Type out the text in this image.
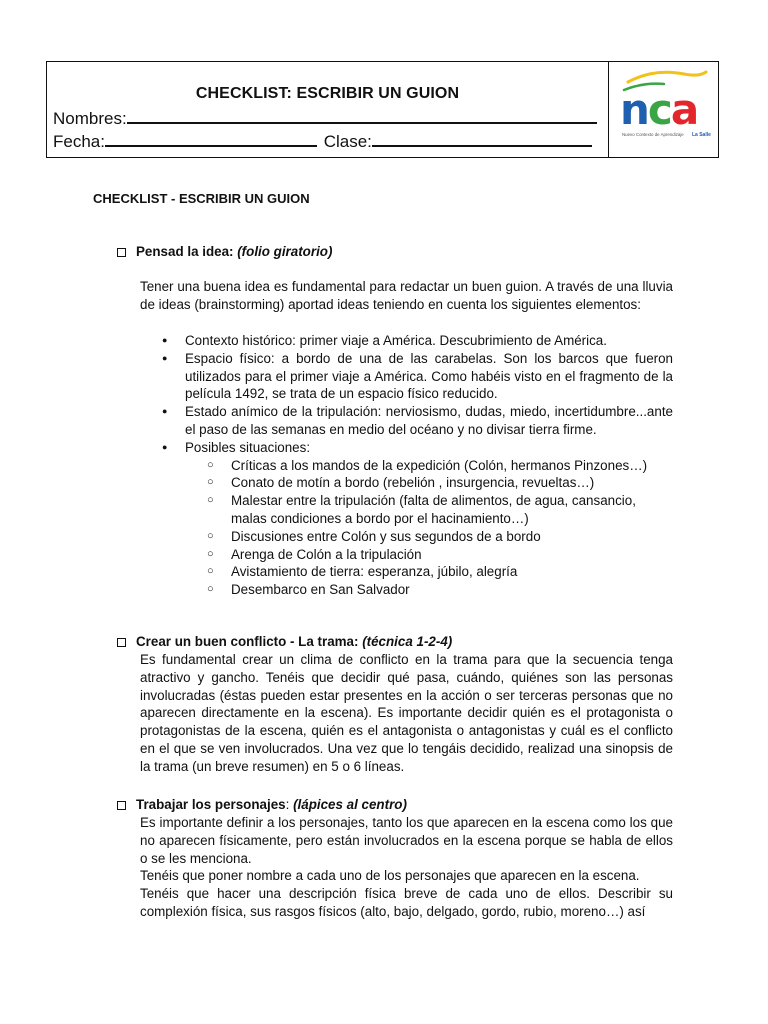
CHECKLIST: ESCRIBIR UN GUION
Nombres:
Fecha:	Clase:
nca
Nuevo Contexto de Aprendizaje La Salle
CHECKLIST - ESCRIBIR UN GUION
Pensad la idea: (folio giratorio)

Tener una buena idea es fundamental para redactar un buen guion. A través de una lluvia de ideas (brainstorming) aportad ideas teniendo en cuenta los siguientes elementos:

● Contexto histórico: primer viaje a América. Descubrimiento de América.
● Espacio físico: a bordo de una de las carabelas. Son los barcos que fueron utilizados para el primer viaje a América. Como habéis visto en el fragmento de la película 1492, se trata de un espacio físico reducido.
● Estado anímico de la tripulación: nerviosismo, dudas, miedo, incertidumbre...ante el paso de las semanas en medio del océano y no divisar tierra firme.
● Posibles situaciones:
○ Críticas a los mandos de la expedición (Colón, hermanos Pinzones…)
○ Conato de motín a bordo (rebelión , insurgencia, revueltas…)
○ Malestar entre la tripulación (falta de alimentos, de agua, cansancio, malas condiciones a bordo por el hacinamiento…)
○ Discusiones entre Colón y sus segundos de a bordo
○ Arenga de Colón a la tripulación
○ Avistamiento de tierra: esperanza, júbilo, alegría
○ Desembarco en San Salvador
Crear un buen conflicto - La trama: (técnica 1-2-4)

Es fundamental crear un clima de conflicto en la trama para que la secuencia tenga atractivo y gancho. Tenéis que decidir qué pasa, cuándo, quiénes son las personas involucradas (éstas pueden estar presentes en la acción o ser terceras personas que no aparecen directamente en la escena). Es importante decidir quién es el protagonista o protagonistas de la escena, quién es el antagonista o antagonistas y cuál es el conflicto en el que se ven involucrados. Una vez que lo tengáis decidido, realizad una sinopsis de la trama (un breve resumen) en 5 o 6 líneas.

Trabajar los personajes: (lápices al centro)

Es importante definir a los personajes, tanto los que aparecen en la escena como los que no aparecen físicamente, pero están involucrados en la escena porque se habla de ellos o se les menciona.

Tenéis que poner nombre a cada uno de los personajes que aparecen en la escena.

Tenéis que hacer una descripción física breve de cada uno de ellos. Describir su complexión física, sus rasgos físicos (alto, bajo, delgado, gordo, rubio, moreno…) así
